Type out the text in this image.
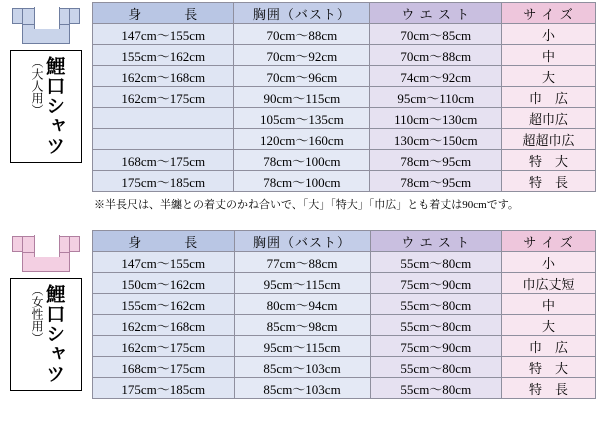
鯉口シャツ
（大人用）
身　　　長	胸囲（バスト）	ウ エ ス ト	サ イ ズ
147cm〜155cm	70cm〜88cm	70cm〜85cm	小
155cm〜162cm	70cm〜92cm	70cm〜88cm	中
162cm〜168cm	70cm〜96cm	74cm〜92cm	大
162cm〜175cm	90cm〜115cm	95cm〜110cm	巾　広
	105cm〜135cm	110cm〜130cm	超巾広
	120cm〜160cm	130cm〜150cm	超超巾広
168cm〜175cm	78cm〜100cm	78cm〜95cm	特　大
175cm〜185cm	78cm〜100cm	78cm〜95cm	特　長
※半長尺は、半纏との着丈のかね合いで、「大」「特大」「巾広」とも着丈は90cmです。
鯉口シャツ
（女性用）
身　　　長	胸囲（バスト）	ウ エ ス ト	サ イ ズ
147cm〜155cm	77cm〜88cm	55cm〜80cm	小
150cm〜162cm	95cm〜115cm	75cm〜90cm	巾広丈短
155cm〜162cm	80cm〜94cm	55cm〜80cm	中
162cm〜168cm	85cm〜98cm	55cm〜80cm	大
162cm〜175cm	95cm〜115cm	75cm〜90cm	巾　広
168cm〜175cm	85cm〜103cm	55cm〜80cm	特　大
175cm〜185cm	85cm〜103cm	55cm〜80cm	特　長
